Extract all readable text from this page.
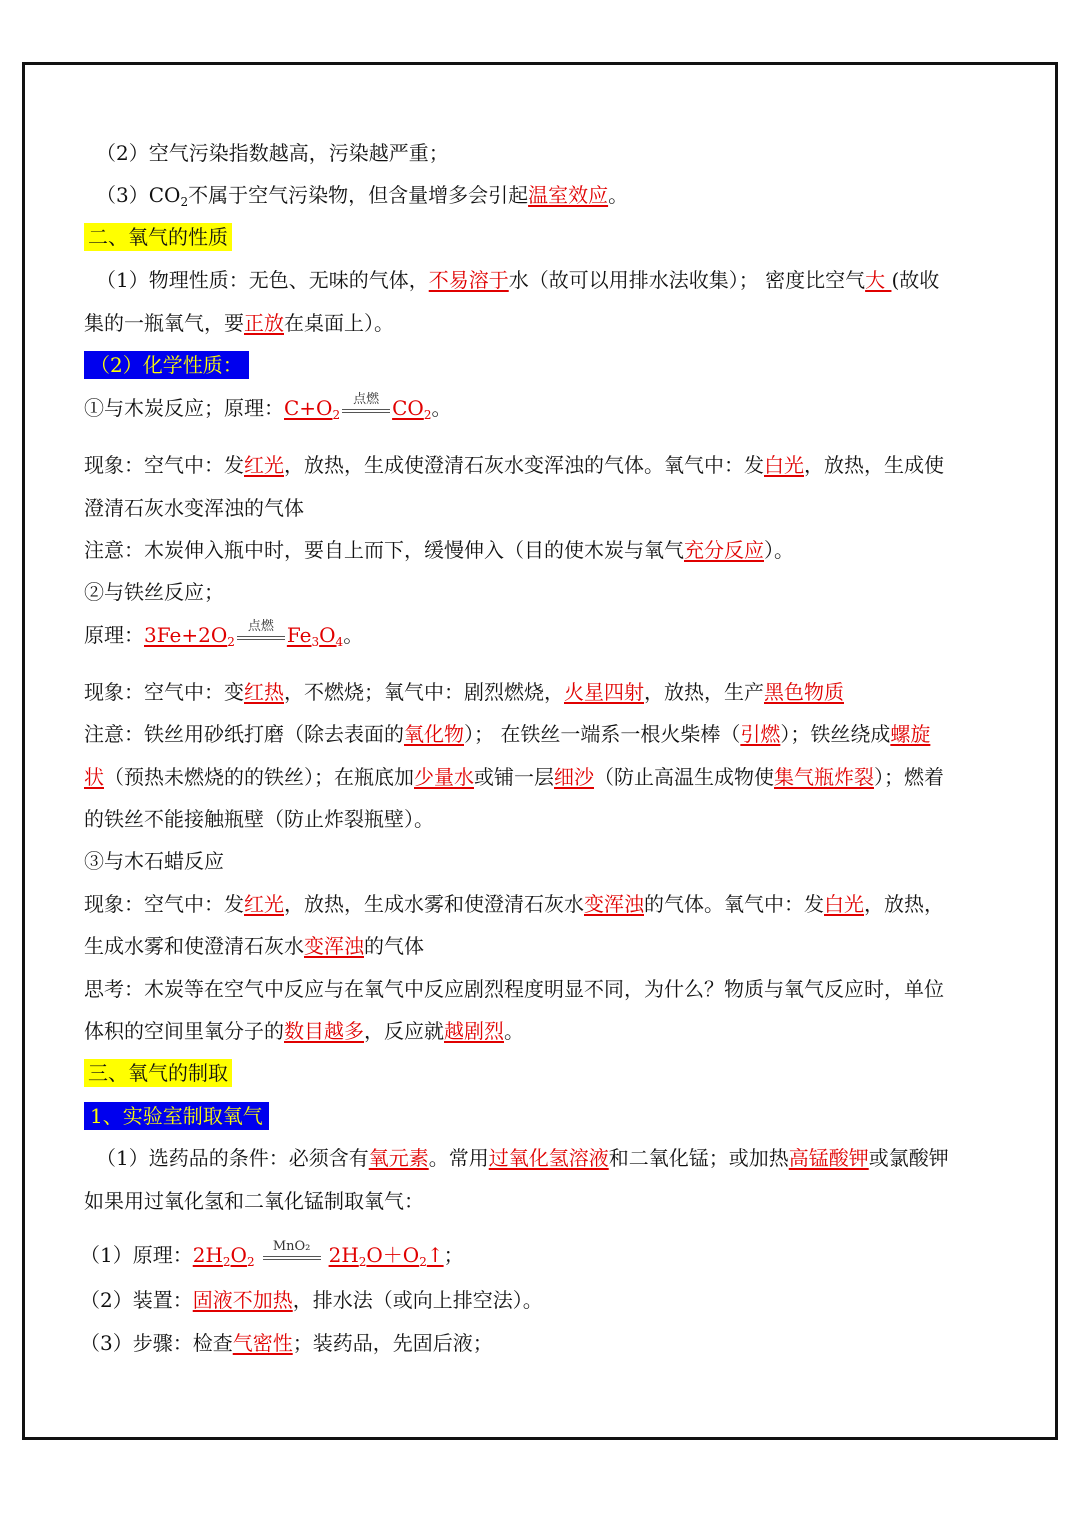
（2）空气污染指数越高，污染越严重；
$(3)CO_2$不属于空气污染物，但含量增多会引起温室效应。
二、氧气的性质
（1）物理性质：无色、无味的气体，不易溶于水（故可以用排水法收集）； 密度比空气大 (故收
集的一瓶氧气，要正放在桌面上）。
（2）化学性质：
①与木炭反应；原理：$C+O_2$
点燃 $CO_2$。
现象：空气中：发红光，放热，生成使澄清石灰水变浑浊的气体。氧气中：发白光，放热，生成使
澄清石灰水变浑浊的气体
注意：木炭伸入瓶中时，要自上而下，缓慢伸入（目的使木炭与氧气充分反应）。
②与铁丝反应；
原理：$3Fe+2O_2$
点燃 $Fe_3O_4$。
现象：空气中：变红热，不燃烧；氧气中：剧烈燃烧，火星四射，放热，生产黑色物质
注意：铁丝用砂纸打磨（除去表面的氧化物）； 在铁丝一端系一根火柴棒（引燃）；铁丝绕成螺旋
状（预热未燃烧的的铁丝）；在瓶底加少量水或铺一层细沙（防止高温生成物使集气瓶炸裂）；燃着
的铁丝不能接触瓶壁（防止炸裂瓶壁）。
③与木石蜡反应
现象：空气中：发红光，放热，生成水雾和使澄清石灰水变浑浊的气体。氧气中：发白光，放热，
生成水雾和使澄清石灰水变浑浊的气体
思考：木炭等在空气中反应与在氧气中反应剧烈程度明显不同，为什么？物质与氧气反应时，单位
体积的空间里氧分子的数目越多，反应就越剧烈。
三、氧气的制取
1、实验室制取氧气
（1）选药品的条件：必须含有氧元素。常用过氧化氢溶液和二氧化锰；或加热高锰酸钾或氯酸钾
如果用过氧化氢和二氧化锰制取氧气：
（1）原理：$2H_2O_2$
MnO₂ $2H_2O+O_2↑$；
（2）装置：固液不加热，排水法（或向上排空法）。
（3）步骤：检查气密性；装药品，先固后液；
